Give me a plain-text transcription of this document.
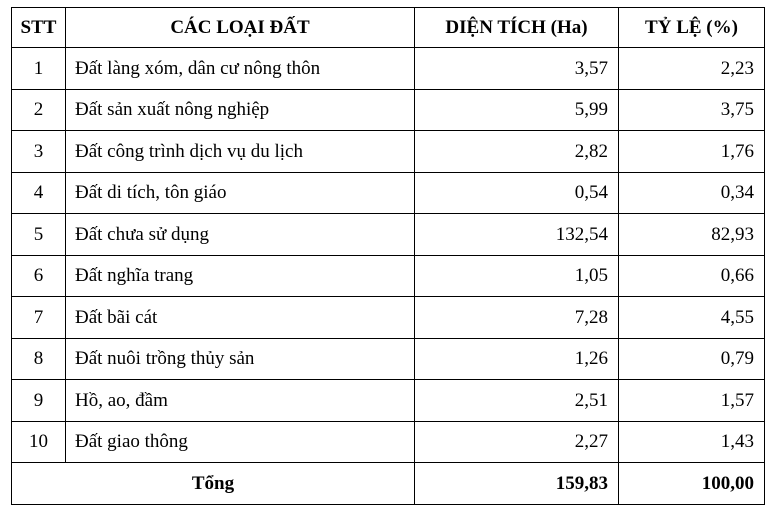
STT	CÁC LOẠI ĐẤT	DIỆN TÍCH (Ha)	TỶ LỆ (%)
1	Đất làng xóm, dân cư nông thôn	3,57	2,23
2	Đất sản xuất nông nghiệp	5,99	3,75
3	Đất công trình dịch vụ du lịch	2,82	1,76
4	Đất di tích, tôn giáo	0,54	0,34
5	Đất chưa sử dụng	132,54	82,93
6	Đất nghĩa trang	1,05	0,66
7	Đất bãi cát	7,28	4,55
8	Đất nuôi trồng thủy sản	1,26	0,79
9	Hồ, ao, đầm	2,51	1,57
10	Đất giao thông	2,27	1,43
Tổng		159,83	100,00
